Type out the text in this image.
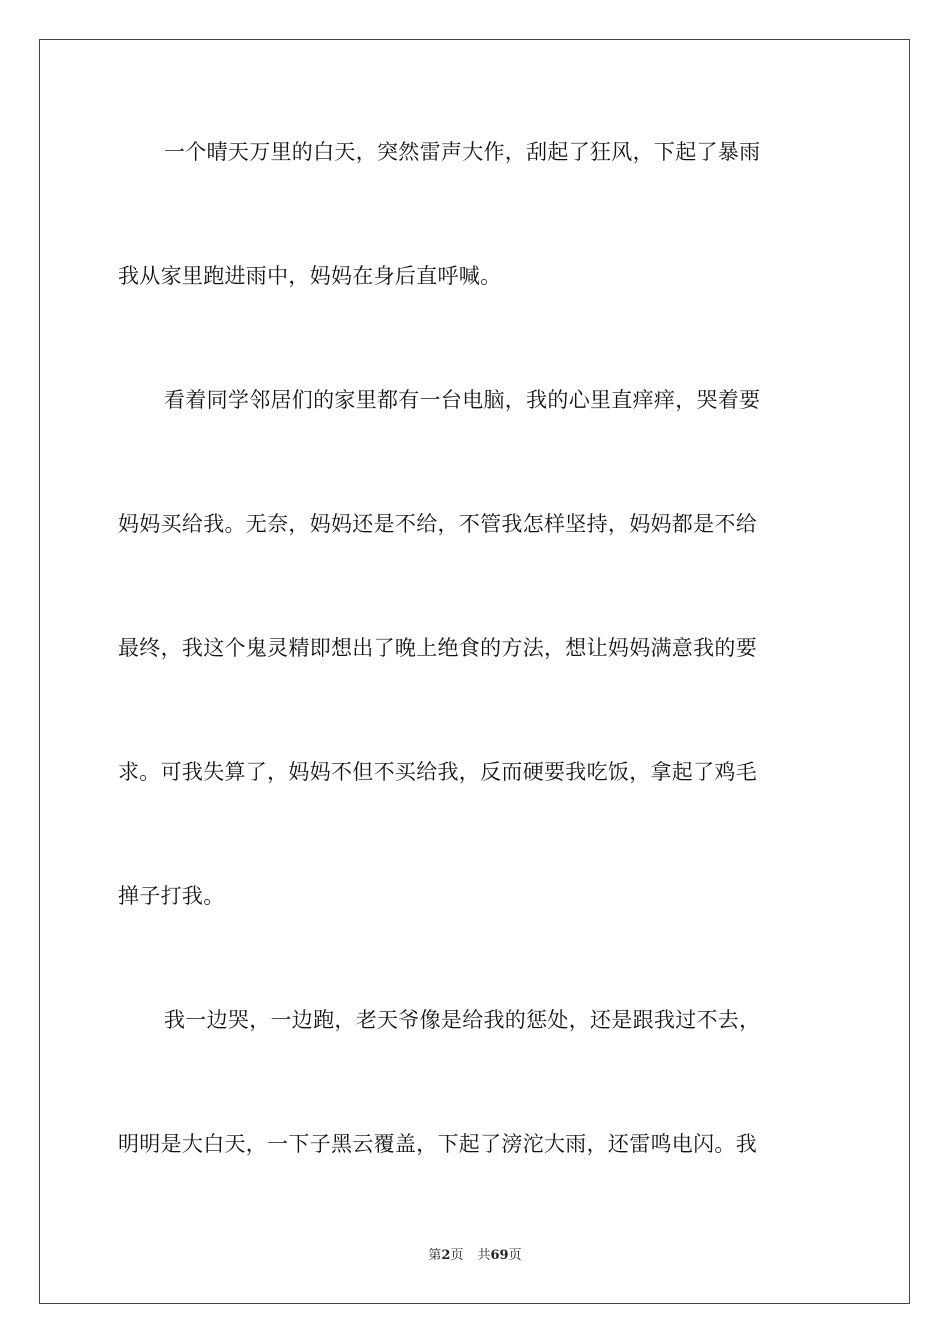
一个晴天万里的白天，突然雷声大作，刮起了狂风，下起了暴雨
我从家里跑进雨中，妈妈在身后直呼喊。
看着同学邻居们的家里都有一台电脑，我的心里直痒痒，哭着要
妈妈买给我。无奈，妈妈还是不给，不管我怎样坚持，妈妈都是不给
最终，我这个鬼灵精即想出了晚上绝食的方法，想让妈妈满意我的要
求。可我失算了，妈妈不但不买给我，反而硬要我吃饭，拿起了鸡毛
掸子打我。
我一边哭，一边跑，老天爷像是给我的惩处，还是跟我过不去，
明明是大白天，一下子黑云覆盖，下起了滂沱大雨，还雷鸣电闪。我
第2页 共69页
